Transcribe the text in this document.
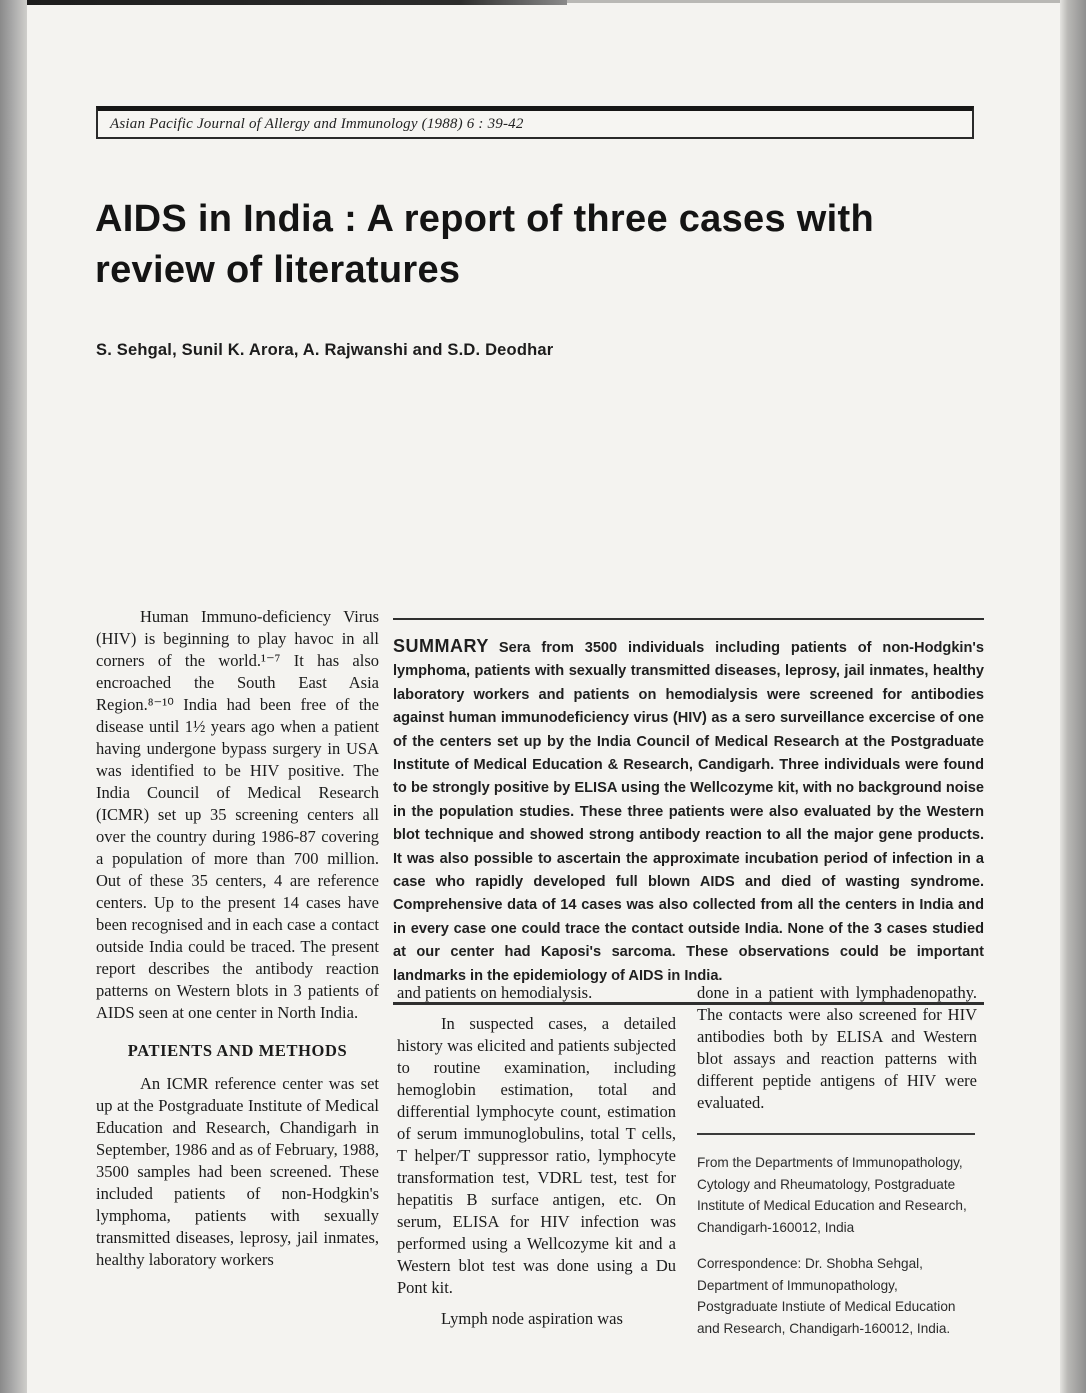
Asian Pacific Journal of Allergy and Immunology (1988) 6 : 39-42
AIDS in India : A report of three cases with review of literatures
S. Sehgal, Sunil K. Arora, A. Rajwanshi and S.D. Deodhar

Human Immuno-deficiency Virus (HIV) is beginning to play havoc in all corners of the world.¹⁻⁷ It has also encroached the South East Asia Region.⁸⁻¹⁰ India had been free of the disease until 1½ years ago when a patient having undergone bypass surgery in USA was identified to be HIV positive. The India Council of Medical Research (ICMR) set up 35 screening centers all over the country during 1986-87 covering a population of more than 700 million. Out of these 35 centers, 4 are reference centers. Up to the present 14 cases have been recognised and in each case a contact outside India could be traced. The present report describes the antibody reaction patterns on Western blots in 3 patients of AIDS seen at one center in North India.

PATIENTS AND METHODS

An ICMR reference center was set up at the Postgraduate Institute of Medical Education and Research, Chandigarh in September, 1986 and as of February, 1988, 3500 samples had been screened. These included patients of non-Hodgkin's lymphoma, patients with sexually transmitted diseases, leprosy, jail inmates, healthy laboratory workers

SUMMARY Sera from 3500 individuals including patients of non-Hodgkin's lymphoma, patients with sexually transmitted diseases, leprosy, jail inmates, healthy laboratory workers and patients on hemodialysis were screened for antibodies against human immunodeficiency virus (HIV) as a sero surveillance excercise of one of the centers set up by the India Council of Medical Research at the Postgraduate Institute of Medical Education & Research, Candigarh. Three individuals were found to be strongly positive by ELISA using the Wellcozyme kit, with no background noise in the population studies. These three patients were also evaluated by the Western blot technique and showed strong antibody reaction to all the major gene products. It was also possible to ascertain the approximate incubation period of infection in a case who rapidly developed full blown AIDS and died of wasting syndrome. Comprehensive data of 14 cases was also collected from all the centers in India and in every case one could trace the contact outside India. None of the 3 cases studied at our center had Kaposi's sarcoma. These observations could be important landmarks in the epidemiology of AIDS in India.

and patients on hemodialysis.

In suspected cases, a detailed history was elicited and patients subjected to routine examination, including hemoglobin estimation, total and differential lymphocyte count, estimation of serum immunoglobulins, total T cells, T helper/T suppressor ratio, lymphocyte transformation test, VDRL test, test for hepatitis B surface antigen, etc. On serum, ELISA for HIV infection was performed using a Wellcozyme kit and a Western blot test was done using a Du Pont kit.

Lymph node aspiration was

done in a patient with lymphadenopathy. The contacts were also screened for HIV antibodies both by ELISA and Western blot assays and reaction patterns with different peptide antigens of HIV were evaluated.

From the Departments of Immunopathology, Cytology and Rheumatology, Postgraduate Institute of Medical Education and Research, Chandigarh-160012, India

Correspondence: Dr. Shobha Sehgal, Department of Immunopathology, Postgraduate Instiute of Medical Education and Research, Chandigarh-160012, India.
